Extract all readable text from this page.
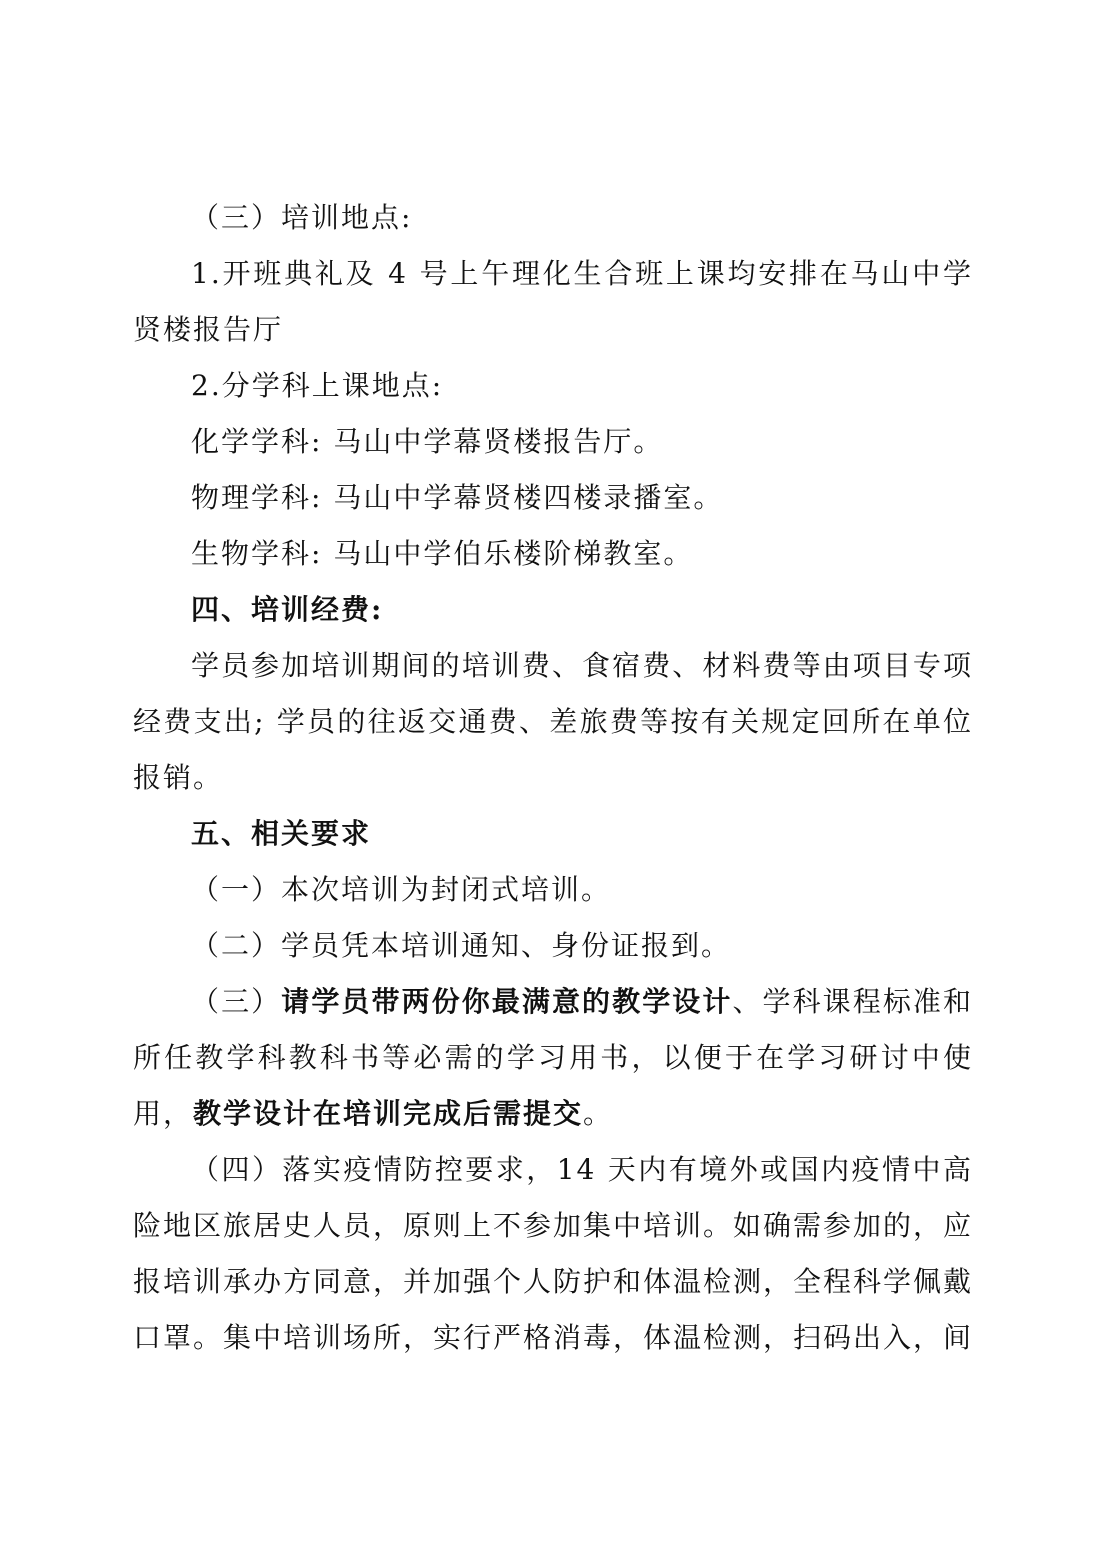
（三）培训地点:
1.开班典礼及 4 号上午理化生合班上课均安排在马山中学
贤楼报告厅
2.分学科上课地点:
化学学科: 马山中学幕贤楼报告厅。
物理学科: 马山中学幕贤楼四楼录播室。
生物学科: 马山中学伯乐楼阶梯教室。
四、培训经费:
学员参加培训期间的培训费、食宿费、材料费等由项目专项
经费支出; 学员的往返交通费、差旅费等按有关规定回所在单位
报销。
五、相关要求
（一）本次培训为封闭式培训。
（二）学员凭本培训通知、身份证报到。
（三）请学员带两份你最满意的教学设计、学科课程标准和
所任教学科教科书等必需的学习用书，以便于在学习研讨中使
用，教学设计在培训完成后需提交。
（四）落实疫情防控要求，14 天内有境外或国内疫情中高
险地区旅居史人员，原则上不参加集中培训。如确需参加的，应
报培训承办方同意，并加强个人防护和体温检测，全程科学佩戴
口罩。集中培训场所，实行严格消毒，体温检测，扫码出入，间
